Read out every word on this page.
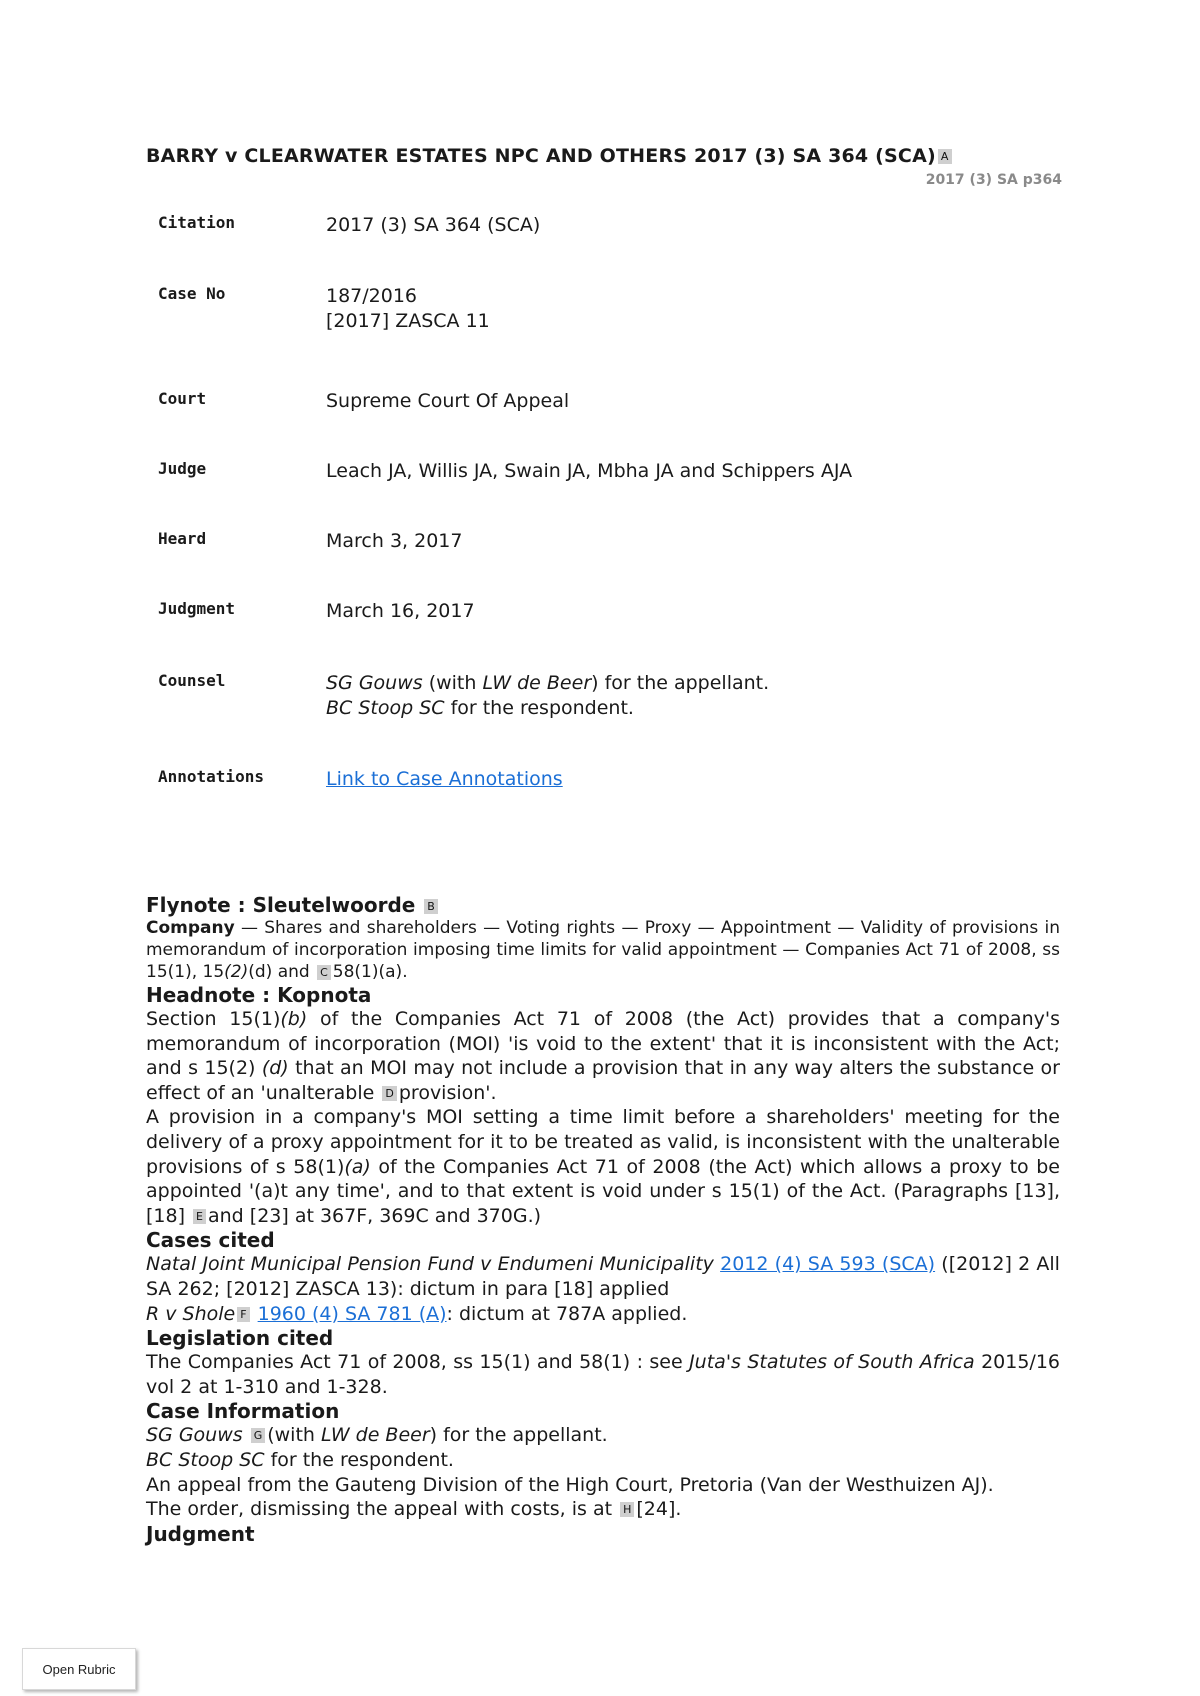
BARRY v CLEARWATER ESTATES NPC AND OTHERS 2017 (3) SA 364 (SCA) A
2017 (3) SA p364
Citation	2017 (3) SA 364 (SCA)
Case No	187/2016
[2017] ZASCA 11
Court	Supreme Court Of Appeal
Judge	Leach JA, Willis JA, Swain JA, Mbha JA and Schippers AJA
Heard	March 3, 2017
Judgment	March 16, 2017
Counsel	SG Gouws (with LW de Beer) for the appellant.
BC Stoop SC for the respondent.
Annotations	Link to Case Annotations
Flynote : Sleutelwoorde B
Company — Shares and shareholders — Voting rights — Proxy — Appointment — Validity of provisions in memorandum of incorporation imposing time limits for valid appointment — Companies Act 71 of 2008, ss 15(1), 15(2)(d) and C 58(1)(a).
Headnote : Kopnota

Section 15(1)(b) of the Companies Act 71 of 2008 (the Act) provides that a company's memorandum of incorporation (MOI) 'is void to the extent' that it is inconsistent with the Act; and s 15(2) (d) that an MOI may not include a provision that in any way alters the substance or effect of an 'unalterable D provision'.

A provision in a company's MOI setting a time limit before a shareholders' meeting for the delivery of a proxy appointment for it to be treated as valid, is inconsistent with the unalterable provisions of s 58(1)(a) of the Companies Act 71 of 2008 (the Act) which allows a proxy to be appointed '(a)t any time', and to that extent is void under s 15(1) of the Act. (Paragraphs [13], [18] E and [23] at 367F, 369C and 370G.)

Cases cited

Natal Joint Municipal Pension Fund v Endumeni Municipality 2012 (4) SA 593 (SCA) ([2012] 2 All SA 262; [2012] ZASCA 13): dictum in para [18] applied

R v Shole F 1960 (4) SA 781 (A): dictum at 787A applied.

Legislation cited

The Companies Act 71 of 2008, ss 15(1) and 58(1) : see Juta's Statutes of South Africa 2015/16 vol 2 at 1-310 and 1-328.

Case Information

SG Gouws G (with LW de Beer) for the appellant.

BC Stoop SC for the respondent.

An appeal from the Gauteng Division of the High Court, Pretoria (Van der Westhuizen AJ).

The order, dismissing the appeal with costs, is at H [24].

Judgment
Open Rubric
